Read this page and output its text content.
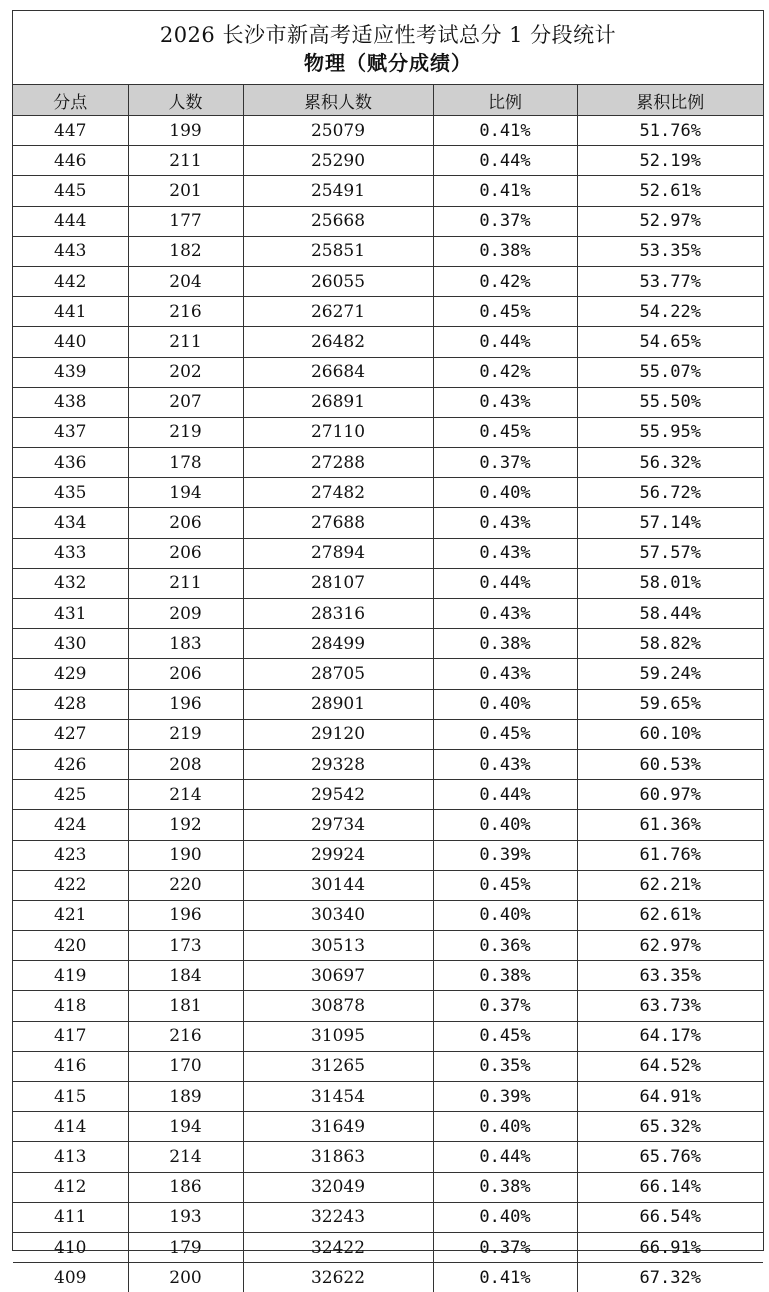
2026 长沙市新高考适应性考试总分 1 分段统计
物理（赋分成绩）
分点	人数	累积人数	比例	累积比例
447	199	25079	0.41%	51.76%
446	211	25290	0.44%	52.19%
445	201	25491	0.41%	52.61%
444	177	25668	0.37%	52.97%
443	182	25851	0.38%	53.35%
442	204	26055	0.42%	53.77%
441	216	26271	0.45%	54.22%
440	211	26482	0.44%	54.65%
439	202	26684	0.42%	55.07%
438	207	26891	0.43%	55.50%
437	219	27110	0.45%	55.95%
436	178	27288	0.37%	56.32%
435	194	27482	0.40%	56.72%
434	206	27688	0.43%	57.14%
433	206	27894	0.43%	57.57%
432	211	28107	0.44%	58.01%
431	209	28316	0.43%	58.44%
430	183	28499	0.38%	58.82%
429	206	28705	0.43%	59.24%
428	196	28901	0.40%	59.65%
427	219	29120	0.45%	60.10%
426	208	29328	0.43%	60.53%
425	214	29542	0.44%	60.97%
424	192	29734	0.40%	61.36%
423	190	29924	0.39%	61.76%
422	220	30144	0.45%	62.21%
421	196	30340	0.40%	62.61%
420	173	30513	0.36%	62.97%
419	184	30697	0.38%	63.35%
418	181	30878	0.37%	63.73%
417	216	31095	0.45%	64.17%
416	170	31265	0.35%	64.52%
415	189	31454	0.39%	64.91%
414	194	31649	0.40%	65.32%
413	214	31863	0.44%	65.76%
412	186	32049	0.38%	66.14%
411	193	32243	0.40%	66.54%
410	179	32422	0.37%	66.91%
409	200	32622	0.41%	67.32%
